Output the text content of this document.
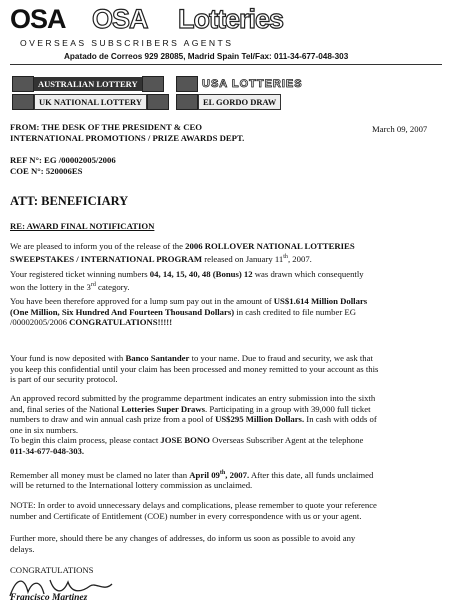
OSA OSA Lotteries
OVERSEAS SUBSCRIBERS AGENTS
Apatado de Correos 929 28085, Madrid Spain Tel/Fax: 011-34-677-048-303
AUSTRALIAN LOTTERY
UK NATIONAL LOTTERY
USA LOTTERIES
EL GORDO DRAW
FROM: THE DESK OF THE PRESIDENT & CEO
INTERNATIONAL PROMOTIONS / PRIZE AWARDS DEPT.
March 09, 2007
REF N°: EG /00002005/2006
COE N°: 520006ES
ATT: BENEFICIARY
RE: AWARD FINAL NOTIFICATION
We are pleased to inform you of the release of the 2006 ROLLOVER NATIONAL LOTTERIES
SWEEPSTAKES / INTERNATIONAL PROGRAM released on January 11th, 2007.
Your registered ticket winning numbers 04, 14, 15, 40, 48 (Bonus) 12 was drawn which consequently
won the lottery in the 3rd category.
You have been therefore approved for a lump sum pay out in the amount of US$1.614 Million Dollars
(One Million, Six Hundred And Fourteen Thousand Dollars) in cash credited to file number EG
/00002005/2006 CONGRATULATIONS!!!!!
Your fund is now deposited with Banco Santander to your name. Due to fraud and security, we ask that
you keep this confidential until your claim has been processed and money remitted to your account as this
is part of our security protocol.
An approved record submitted by the programme department indicates an entry submission into the sixth
and, final series of the National Lotteries Super Draws. Participating in a group with 39,000 full ticket
numbers to draw and win annual cash prize from a pool of US$295 Million Dollars. In cash with odds of
one in six numbers.
To begin this claim process, please contact JOSE BONO Overseas Subscriber Agent at the telephone
011-34-677-048-303.
Remember all money must be clamed no later than April 09th, 2007. After this date, all funds unclaimed
will be returned to the International lottery commission as unclaimed.
NOTE: In order to avoid unnecessary delays and complications, please remember to quote your reference
number and Certificate of Entitlement (COE) number in every correspondence with us or your agent.
Further more, should there be any changes of addresses, do inform us soon as possible to avoid any
delays.
CONGRATULATIONS
Francisco Martinez
